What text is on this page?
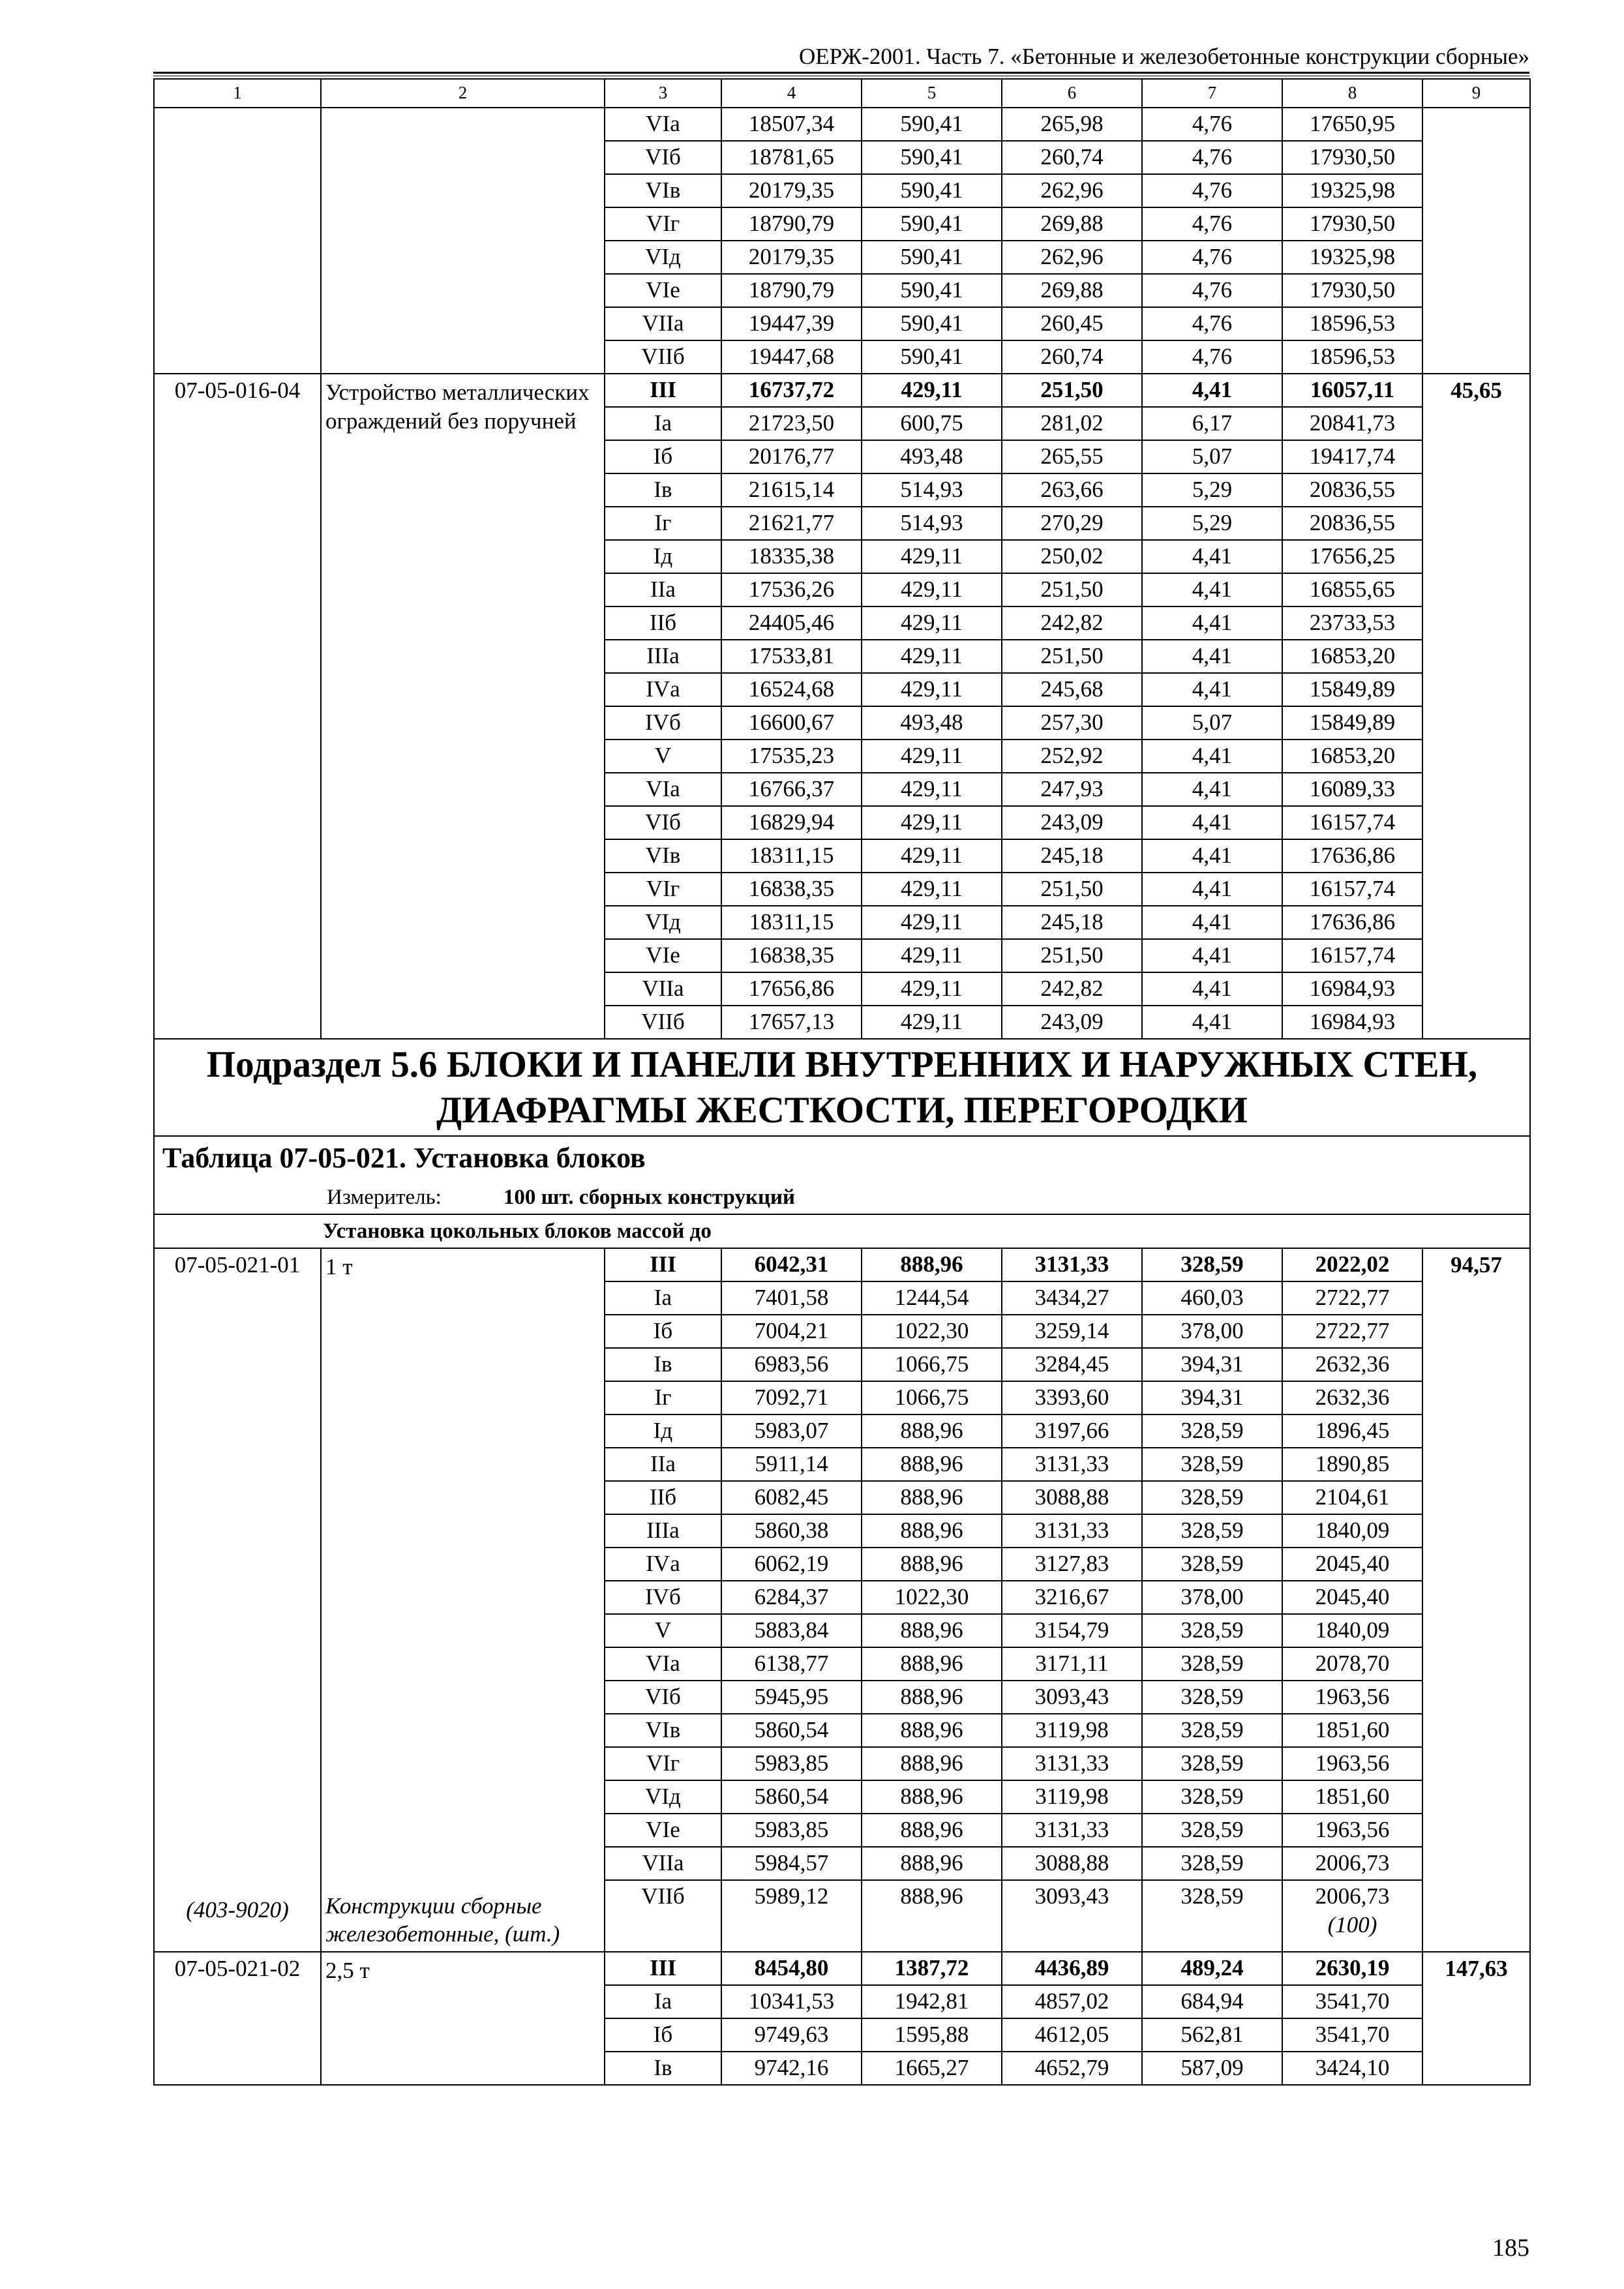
ОЕРЖ-2001. Часть 7. «Бетонные и железобетонные конструкции сборные»
1	2	3	4	5	6	7	8	9
		VIа	18507,34	590,41	265,98	4,76	17650,95	
		VIб	18781,65	590,41	260,74	4,76	17930,50	
		VIв	20179,35	590,41	262,96	4,76	19325,98	
		VIг	18790,79	590,41	269,88	4,76	17930,50	
		VIд	20179,35	590,41	262,96	4,76	19325,98	
		VIе	18790,79	590,41	269,88	4,76	17930,50	
		VIIа	19447,39	590,41	260,45	4,76	18596,53	
		VIIб	19447,68	590,41	260,74	4,76	18596,53	
07-05-016-04	Устройство металлических ограждений без поручней	III	16737,72	429,11	251,50	4,41	16057,11	45,65
		Iа	21723,50	600,75	281,02	6,17	20841,73	
		Iб	20176,77	493,48	265,55	5,07	19417,74	
		Iв	21615,14	514,93	263,66	5,29	20836,55	
		Iг	21621,77	514,93	270,29	5,29	20836,55	
		Iд	18335,38	429,11	250,02	4,41	17656,25	
		IIа	17536,26	429,11	251,50	4,41	16855,65	
		IIб	24405,46	429,11	242,82	4,41	23733,53	
		IIIа	17533,81	429,11	251,50	4,41	16853,20	
		IVа	16524,68	429,11	245,68	4,41	15849,89	
		IVб	16600,67	493,48	257,30	5,07	15849,89	
		V	17535,23	429,11	252,92	4,41	16853,20	
		VIа	16766,37	429,11	247,93	4,41	16089,33	
		VIб	16829,94	429,11	243,09	4,41	16157,74	
		VIв	18311,15	429,11	245,18	4,41	17636,86	
		VIг	16838,35	429,11	251,50	4,41	16157,74	
		VIд	18311,15	429,11	245,18	4,41	17636,86	
		VIе	16838,35	429,11	251,50	4,41	16157,74	
		VIIа	17656,86	429,11	242,82	4,41	16984,93	
		VIIб	17657,13	429,11	243,09	4,41	16984,93	
Подраздел 5.6 БЛОКИ И ПАНЕЛИ ВНУТРЕННИХ И НАРУЖНЫХ СТЕН, ДИАФРАГМЫ ЖЕСТКОСТИ, ПЕРЕГОРОДКИ								
Таблица 07-05-021. Установка блоков								
Измеритель: 100 шт. сборных конструкций								
Установка цокольных блоков массой до								
07-05-021-01	1 т	III	6042,31	888,96	3131,33	328,59	2022,02	94,57
		Iа	7401,58	1244,54	3434,27	460,03	2722,77	
		Iб	7004,21	1022,30	3259,14	378,00	2722,77	
		Iв	6983,56	1066,75	3284,45	394,31	2632,36	
		Iг	7092,71	1066,75	3393,60	394,31	2632,36	
		Iд	5983,07	888,96	3197,66	328,59	1896,45	
		IIа	5911,14	888,96	3131,33	328,59	1890,85	
		IIб	6082,45	888,96	3088,88	328,59	2104,61	
		IIIа	5860,38	888,96	3131,33	328,59	1840,09	
		IVа	6062,19	888,96	3127,83	328,59	2045,40	
		IVб	6284,37	1022,30	3216,67	378,00	2045,40	
		V	5883,84	888,96	3154,79	328,59	1840,09	
		VIа	6138,77	888,96	3171,11	328,59	2078,70	
		VIб	5945,95	888,96	3093,43	328,59	1963,56	
		VIв	5860,54	888,96	3119,98	328,59	1851,60	
		VIг	5983,85	888,96	3131,33	328,59	1963,56	
		VIд	5860,54	888,96	3119,98	328,59	1851,60	
		VIе	5983,85	888,96	3131,33	328,59	1963,56	
		VIIа	5984,57	888,96	3088,88	328,59	2006,73	
(403-9020)	Конструкции сборные железобетонные, (шт.)	VIIб	5989,12	888,96	3093,43	328,59	2006,73	
							(100)	
07-05-021-02	2,5 т	III	8454,80	1387,72	4436,89	489,24	2630,19	147,63
		Iа	10341,53	1942,81	4857,02	684,94	3541,70	
		Iб	9749,63	1595,88	4612,05	562,81	3541,70	
		Iв	9742,16	1665,27	4652,79	587,09	3424,10	
185
